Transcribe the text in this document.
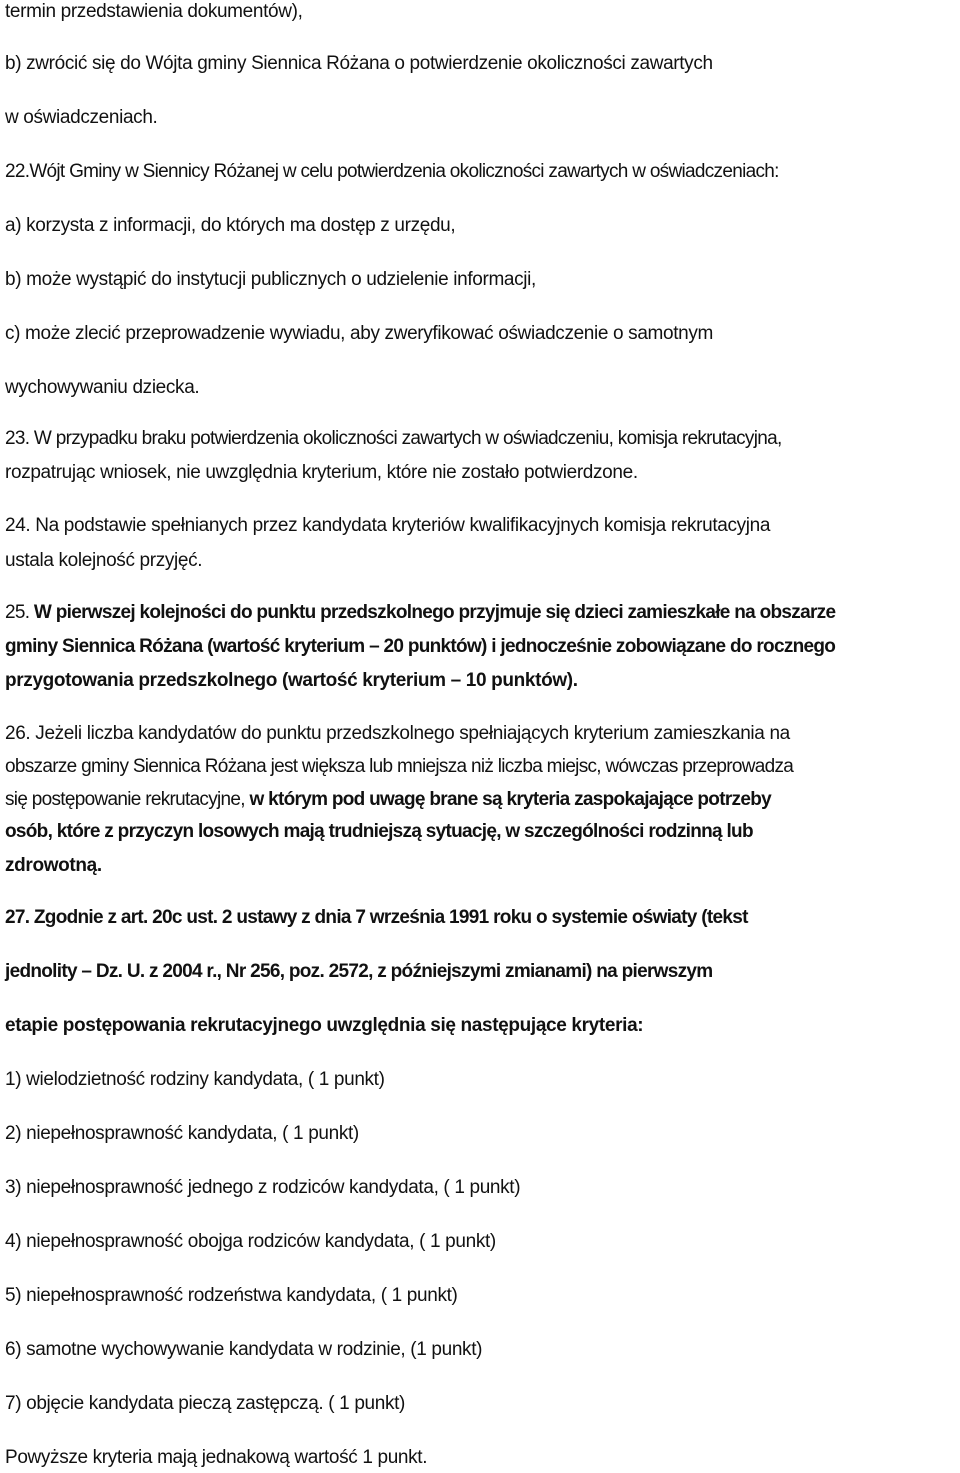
termin przedstawienia dokumentów),
b) zwrócić się do Wójta gminy Siennica Różana o potwierdzenie okoliczności zawartych
w oświadczeniach.
22.Wójt Gminy w Siennicy Różanej w celu potwierdzenia okoliczności zawartych w oświadczeniach:
a) korzysta z informacji, do których ma dostęp z urzędu,
b) może wystąpić do instytucji publicznych o udzielenie informacji,
c) może zlecić przeprowadzenie wywiadu, aby zweryfikować oświadczenie o samotnym
wychowywaniu dziecka.
23. W przypadku braku potwierdzenia okoliczności zawartych w oświadczeniu, komisja rekrutacyjna,
rozpatrując wniosek, nie uwzględnia kryterium, które nie zostało potwierdzone.
24. Na podstawie spełnianych przez kandydata kryteriów kwalifikacyjnych komisja rekrutacyjna
ustala kolejność przyjęć.
25. W pierwszej kolejności do punktu przedszkolnego przyjmuje się dzieci zamieszkałe na obszarze
gminy Siennica Różana (wartość kryterium – 20 punktów) i jednocześnie zobowiązane do rocznego
przygotowania przedszkolnego (wartość kryterium – 10 punktów).
26. Jeżeli liczba kandydatów do punktu przedszkolnego spełniających kryterium zamieszkania na
obszarze gminy Siennica Różana jest większa lub mniejsza niż liczba miejsc, wówczas przeprowadza
się postępowanie rekrutacyjne, w którym pod uwagę brane są kryteria zaspokajające potrzeby
osób, które z przyczyn losowych mają trudniejszą sytuację, w szczególności rodzinną lub
zdrowotną.
27. Zgodnie z art. 20c ust. 2 ustawy z dnia 7 września 1991 roku o systemie oświaty (tekst
jednolity – Dz. U. z 2004 r., Nr 256, poz. 2572, z późniejszymi zmianami) na pierwszym
etapie postępowania rekrutacyjnego uwzględnia się następujące kryteria:
1) wielodzietność rodziny kandydata, ( 1 punkt)
2) niepełnosprawność kandydata, ( 1 punkt)
3) niepełnosprawność jednego z rodziców kandydata, ( 1 punkt)
4) niepełnosprawność obojga rodziców kandydata, ( 1 punkt)
5) niepełnosprawność rodzeństwa kandydata, ( 1 punkt)
6) samotne wychowywanie kandydata w rodzinie, (1 punkt)
7) objęcie kandydata pieczą zastępczą. ( 1 punkt)
Powyższe kryteria mają jednakową wartość 1 punkt.
